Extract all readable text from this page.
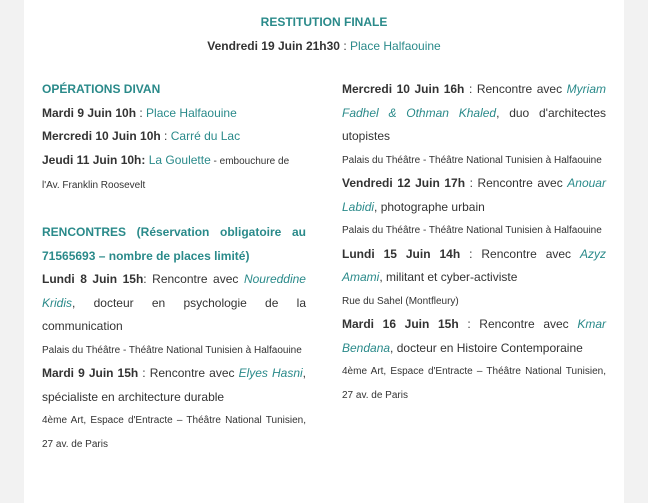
RESTITUTION FINALE
Vendredi 19 Juin 21h30 : Place Halfaouine

OPÉRATIONS DIVAN

Mardi 9 Juin 10h : Place Halfaouine

Mercredi 10 Juin 10h : Carré du Lac

Jeudi 11 Juin 10h: La Goulette - embouchure de l'Av. Franklin Roosevelt

RENCONTRES (Réservation obligatoire au 71565693 – nombre de places limité)

Lundi 8 Juin 15h: Rencontre avec Noureddine Kridis, docteur en psychologie de la communication

Palais du Théâtre - Théâtre National Tunisien à Halfaouine

Mardi 9 Juin 15h : Rencontre avec Elyes Hasni, spécialiste en architecture durable

4ème Art, Espace d'Entracte – Théâtre National Tunisien, 27 av. de Paris

Mercredi 10 Juin 16h : Rencontre avec Myriam Fadhel & Othman Khaled, duo d'architectes utopistes

Palais du Théâtre - Théâtre National Tunisien à Halfaouine

Vendredi 12 Juin 17h : Rencontre avec Anouar Labidi, photographe urbain

Palais du Théâtre - Théâtre National Tunisien à Halfaouine

Lundi 15 Juin 14h : Rencontre avec Azyz Amami, militant et cyber-activiste

Rue du Sahel (Montfleury)

Mardi 16 Juin 15h : Rencontre avec Kmar Bendana, docteur en Histoire Contemporaine

4ème Art, Espace d'Entracte – Théâtre National Tunisien, 27 av. de Paris
